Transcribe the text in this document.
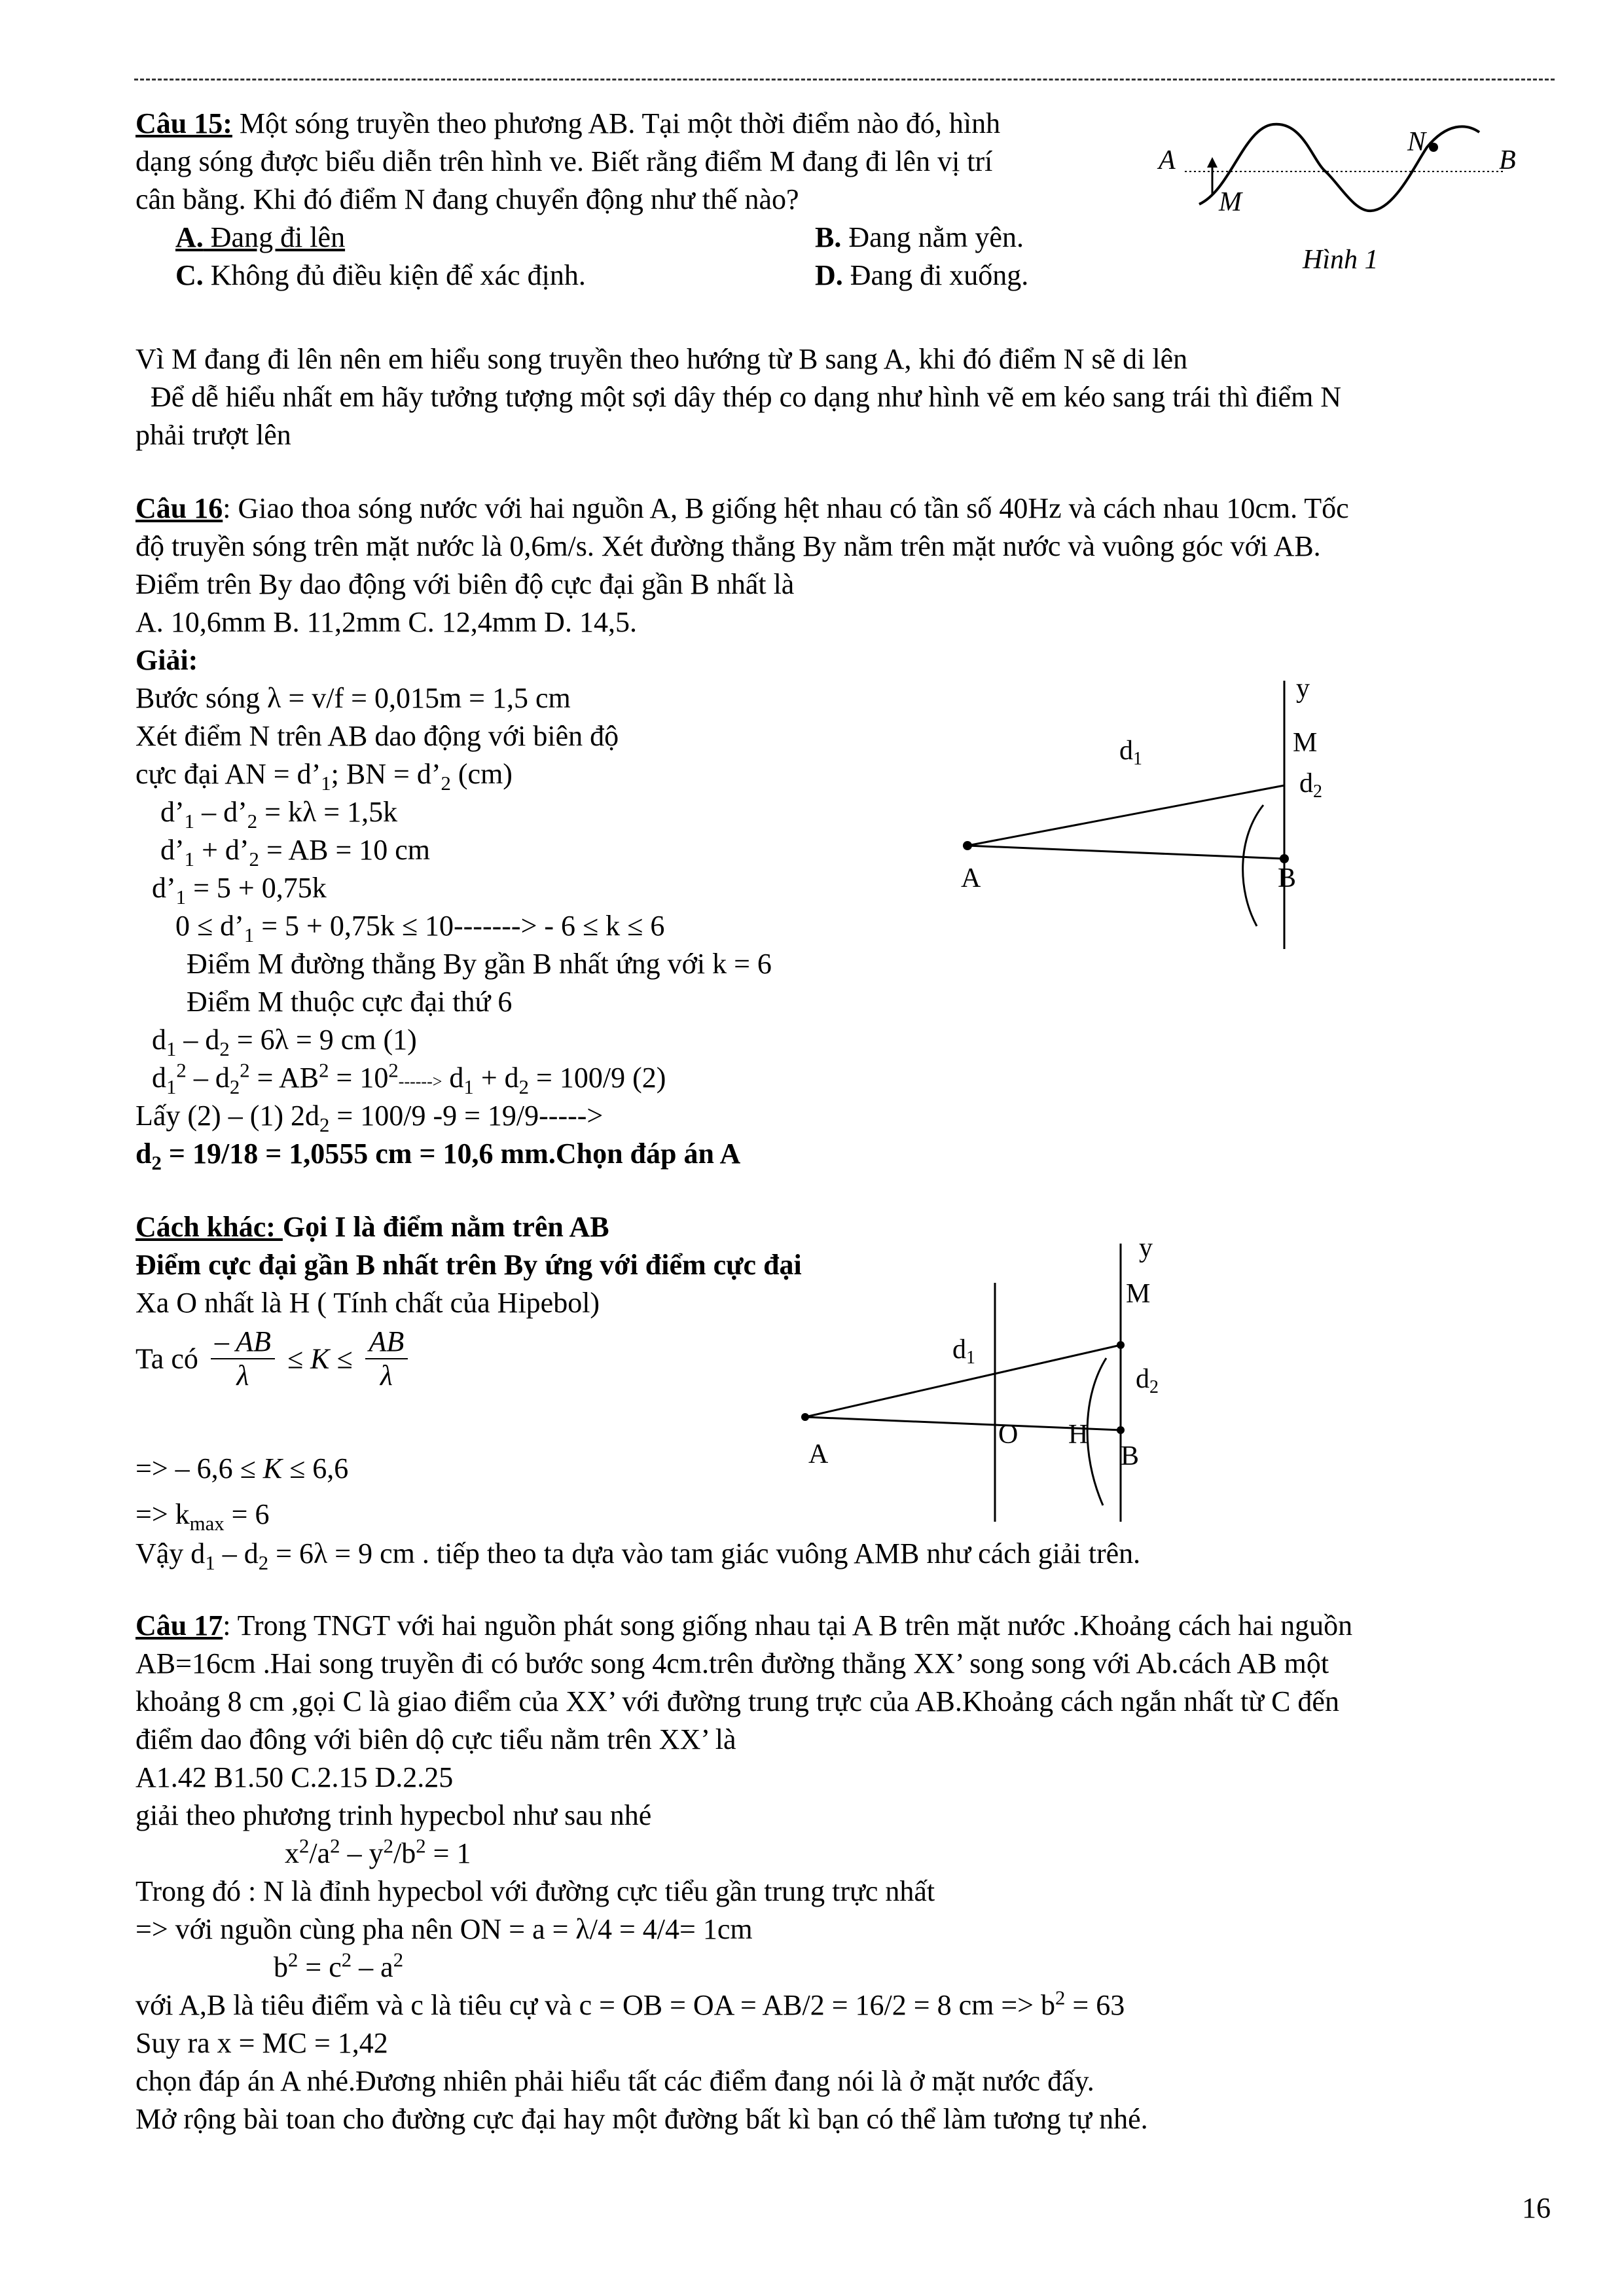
Câu 15: Một sóng truyền theo phương AB. Tại một thời điểm nào đó, hình
dạng sóng được biểu diễn trên hình ve. Biết rằng điểm M đang đi lên vị trí
cân bằng. Khi đó điểm N đang chuyển động như thế nào?
A. Đang đi lên	B. Đang nằm yên.
C. Không đủ điều kiện để xác định.	D. Đang đi xuống.
A	B
M
N
Hình 1
Vì M đang đi lên nên em hiểu song truyền theo hướng từ B sang A, khi đó điểm N sẽ di lên
Để dễ hiểu nhất em hãy tưởng tượng một sợi dây thép co dạng như hình vẽ em kéo sang trái thì điểm N
phải trượt lên
Câu 16: Giao thoa sóng nước với hai nguồn A, B giống hệt nhau có tần số 40Hz và cách nhau 10cm. Tốc
độ truyền sóng trên mặt nước là 0,6m/s. Xét đường thẳng By nằm trên mặt nước và vuông góc với AB.
Điểm trên By dao động với biên độ cực đại gần B nhất là
A. 10,6mm B. 11,2mm C. 12,4mm D. 14,5.
Giải:
Bước sóng λ = v/f = 0,015m = 1,5 cm
Xét điểm N trên AB dao động với biên độ
cực đại AN = $d’_1$; BN = $d’_2$ (cm)
$d’_1$ – $d’_2 = k\lambda = 1,5k$
$d’_1$ + $d’_2$ = AB = 10 cm
$d’_1 = 5 + 0,75k$
$0 \le d’_1 = 5 + 0,75k \le 10-------> - 6 \le k \le 6$
Điểm M đường thẳng By gần B nhất ứng với k = 6
Điểm M thuộc cực đại thứ 6
$d_1 - d_2 = 6\lambda = 9$ cm (1)
$d_1^2 - d_2^2 = AB^2 = 10^2------> d_1 + d_2 = 100/9$ (2)
Lấy (2) – (1) $2d_2 = 100/9$ -9 = 19/9----->
$d_2 = 19/18 = 1,0555$ cm = 10,6 mm.Chọn đáp án A
y
d1
M
d2
A	B
Cách khác: Gọi I là điểm nằm trên AB
Điểm cực đại gần B nhất trên By ứng với điểm cực đại
Xa O nhất là H ( Tính chất của Hipebol)
Ta có $\frac{- AB}{\lambda} \le K \le \frac{AB}{\lambda}$
=> – 6,6 ≤ K ≤ 6,6
=> $k_{max} = 6$
Vậy $d_1 - d_2 = 6\lambda = 9$ cm . tiếp theo ta dựa vào tam giác vuông AMB như cách giải trên.
y
M
d1
d2
O H
A	B
Câu 17: Trong TNGT với hai nguồn phát song giống nhau tại A B trên mặt nước .Khoảng cách hai nguồn
AB=16cm .Hai song truyền đi có bước song 4cm.trên đường thẳng XX’ song song với Ab.cách AB một
khoảng 8 cm ,gọi C là giao điểm của XX’ với đường trung trực của AB.Khoảng cách ngắn nhất từ C đến
điểm dao đông với biên dộ cực tiểu nằm trên XX’ là
A1.42 B1.50 C.2.15 D.2.25
giải theo phương trinh hypecbol như sau nhé
$x^2/a^2 - y^2/b^2 = 1$
Trong đó : N là đỉnh hypecbol với đường cực tiểu gần trung trực nhất
=> với nguồn cùng pha nên ON = a = λ/4 = 4/4= 1cm
$b^2 = c^2 - a^2$
với A,B là tiêu điểm và c là tiêu cự và c = OB = OA = AB/2 = 16/2 = 8 cm => $b^2 = 63$
Suy ra x = MC = 1,42
chọn đáp án A nhé.Đương nhiên phải hiểu tất các điểm đang nói là ở mặt nước đấy.
Mở rộng bài toan cho đường cực đại hay một đường bất kì bạn có thể làm tương tự nhé.
16
